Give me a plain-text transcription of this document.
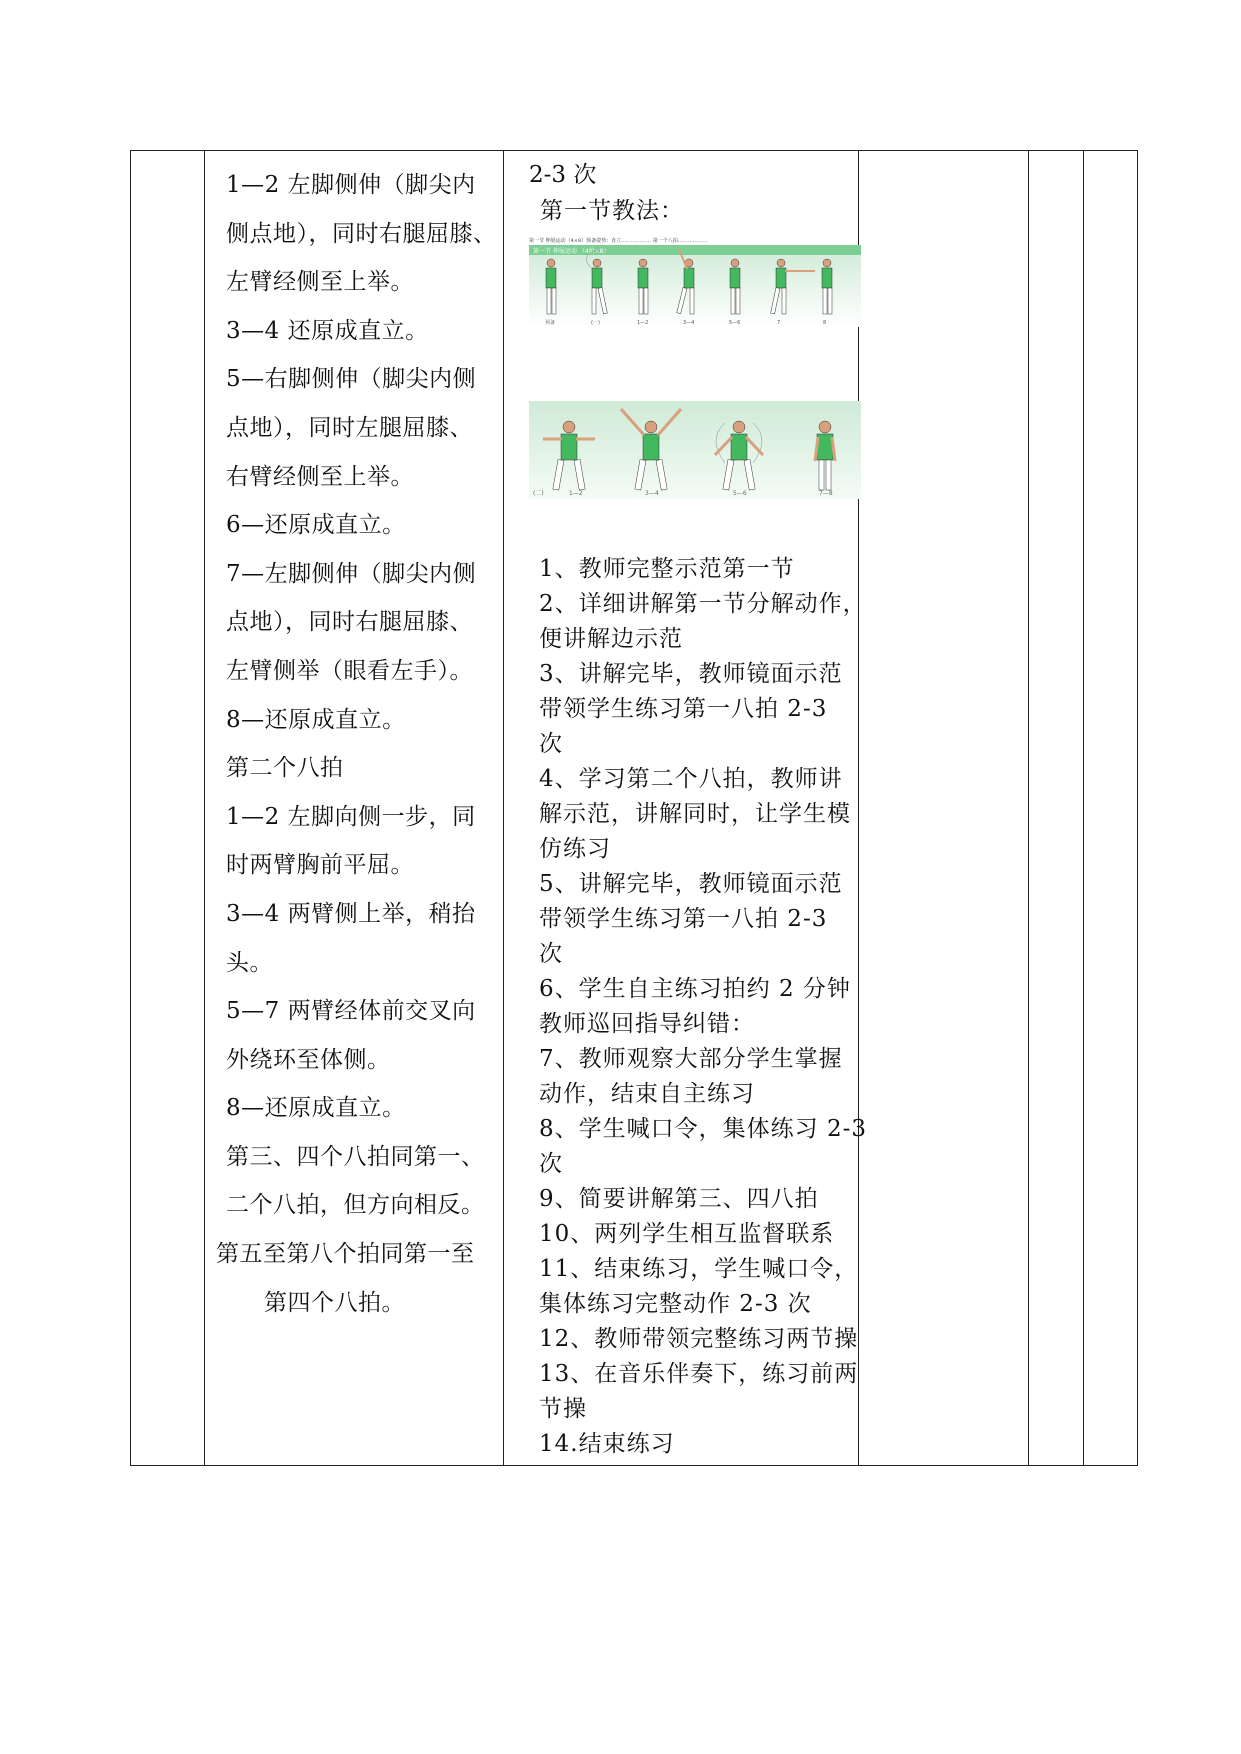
1—2 左脚侧伸（脚尖内

侧点地），同时右腿屈膝、

左臂经侧至上举。

3—4 还原成直立。

5—右脚侧伸（脚尖内侧

点地），同时左腿屈膝、

右臂经侧至上举。

6—还原成直立。

7—左脚侧伸（脚尖内侧

点地），同时右腿屈膝、

左臂侧举（眼看左手）。

8—还原成直立。

第二个八拍

1—2 左脚向侧一步，同

时两臂胸前平屈。

3—4 两臂侧上举，稍抬

头。

5—7 两臂经体前交叉向

外绕环至体侧。

8—还原成直立。

第三、四个八拍同第一、

二个八拍，但方向相反。

第五至第八个拍同第一至

第四个八拍。

2-3 次
第一节教法：
第一节 伸展运动（4×8）预备姿势：直立……………… 第一个八拍………………
第一节 伸展运动 （4拍×8）
预备	(一)	1—2	3—4	5—6	7	8
(二)	1—2	3—4	5—6	7—8

1、教师完整示范第一节

2、详细讲解第一节分解动作，

便讲解边示范

3、讲解完毕，教师镜面示范

带领学生练习第一八拍 2-3

次

4、学习第二个八拍，教师讲

解示范，讲解同时，让学生模

仿练习

5、讲解完毕，教师镜面示范

带领学生练习第一八拍 2-3

次

6、学生自主练习拍约 2 分钟

教师巡回指导纠错：

7、教师观察大部分学生掌握

动作，结束自主练习

8、学生喊口令，集体练习 2-3

次

9、简要讲解第三、四八拍

10、两列学生相互监督联系

11、结束练习，学生喊口令，

集体练习完整动作 2-3 次

12、教师带领完整练习两节操

13、在音乐伴奏下，练习前两

节操

14.结束练习
